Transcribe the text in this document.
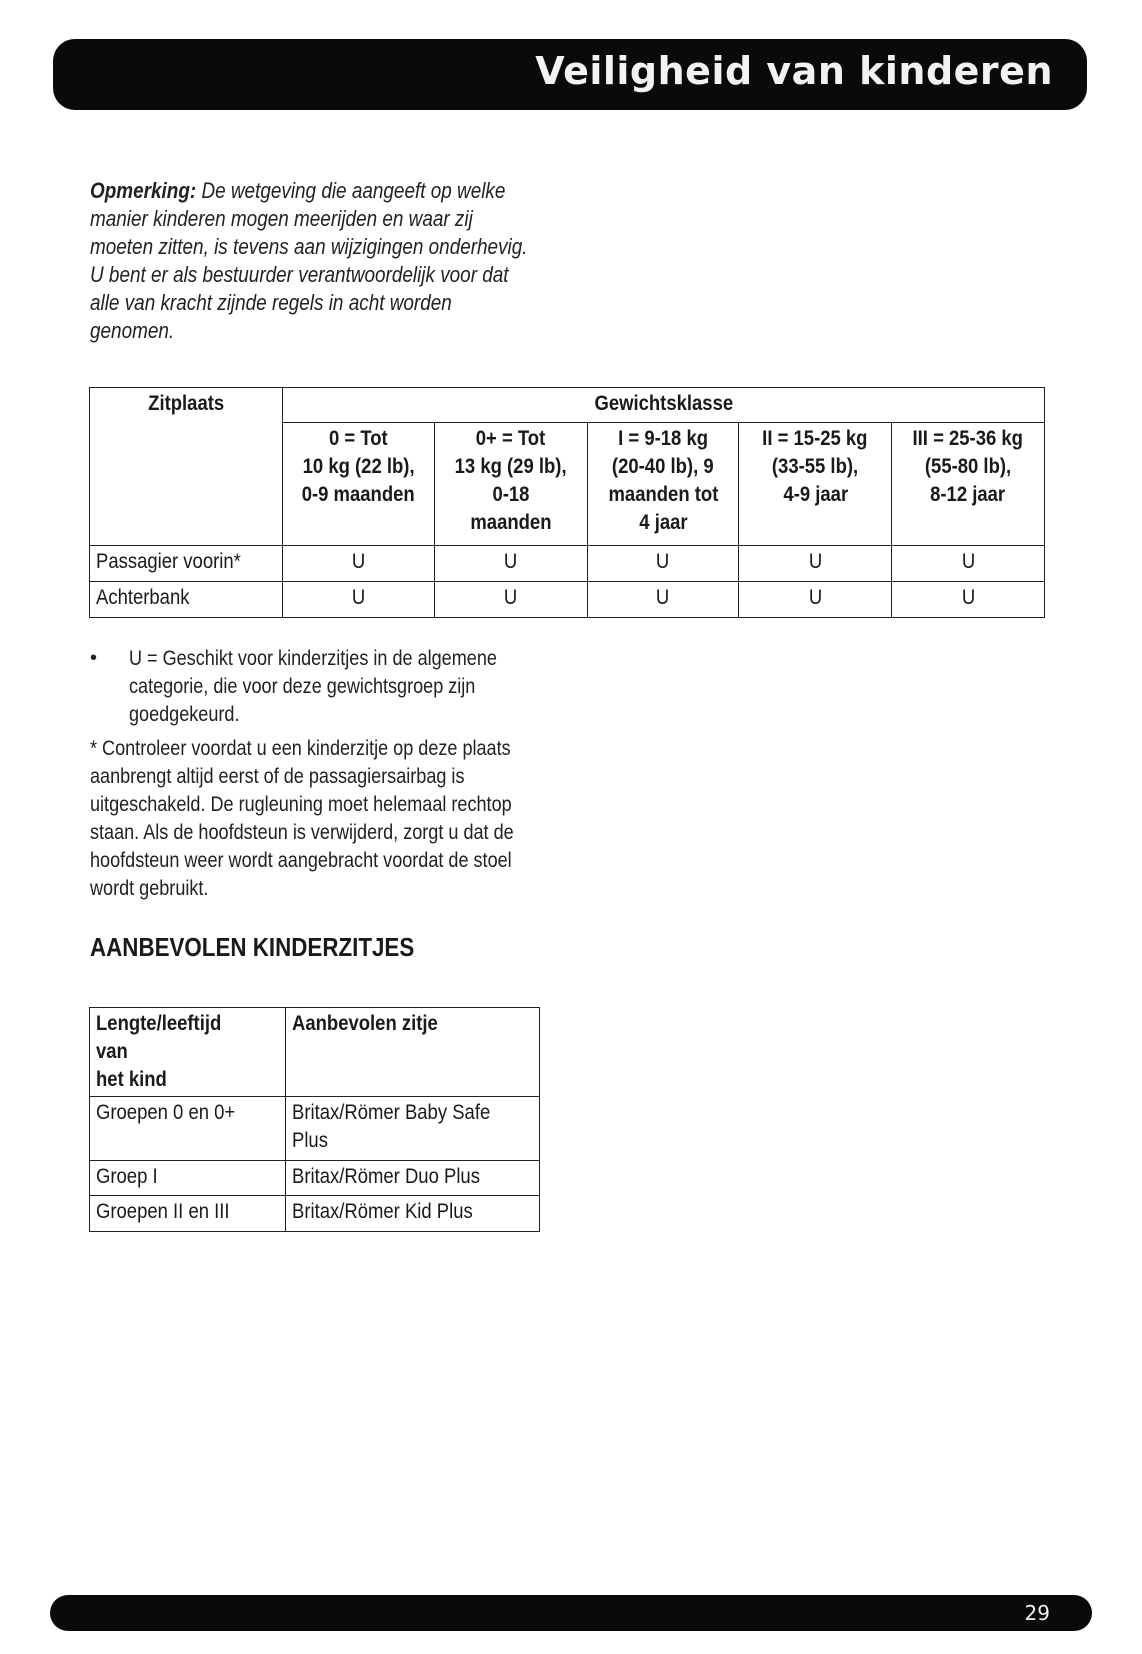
Veiligheid van kinderen
Opmerking: De wetgeving die aangeeft op welke
manier kinderen mogen meerijden en waar zij
moeten zitten, is tevens aan wijzigingen onderhevig.
U bent er als bestuurder verantwoordelijk voor dat
alle van kracht zijnde regels in acht worden
genomen.
Zitplaats	Gewichtsklasse				

	0 = Tot
10 kg (22 lb),
0-9 maanden	0+ = Tot
13 kg (29 lb),
0-18 maanden	I = 9-18 kg
(20-40 lb), 9
maanden tot
4 jaar	II = 15-25 kg
(33-55 lb),
4-9 jaar	III = 25-36 kg
(55-80 lb),
8-12 jaar

Passagier voorin*	U	U	U	U	U

Achterbank	U	U	U	U	U
• U = Geschikt voor kinderzitjes in de algemene
categorie, die voor deze gewichtsgroep zijn
goedgekeurd.
* Controleer voordat u een kinderzitje op deze plaats
aanbrengt altijd eerst of de passagiersairbag is
uitgeschakeld. De rugleuning moet helemaal rechtop
staan. Als de hoofdsteun is verwijderd, zorgt u dat de
hoofdsteun weer wordt aangebracht voordat de stoel
wordt gebruikt.
AANBEVOLEN KINDERZITJES
Lengte/leeftijd van
het kind	Aanbevolen zitje

Groepen 0 en 0+	Britax/Römer Baby Safe
Plus

Groep I	Britax/Römer Duo Plus

Groepen II en III	Britax/Römer Kid Plus
29
